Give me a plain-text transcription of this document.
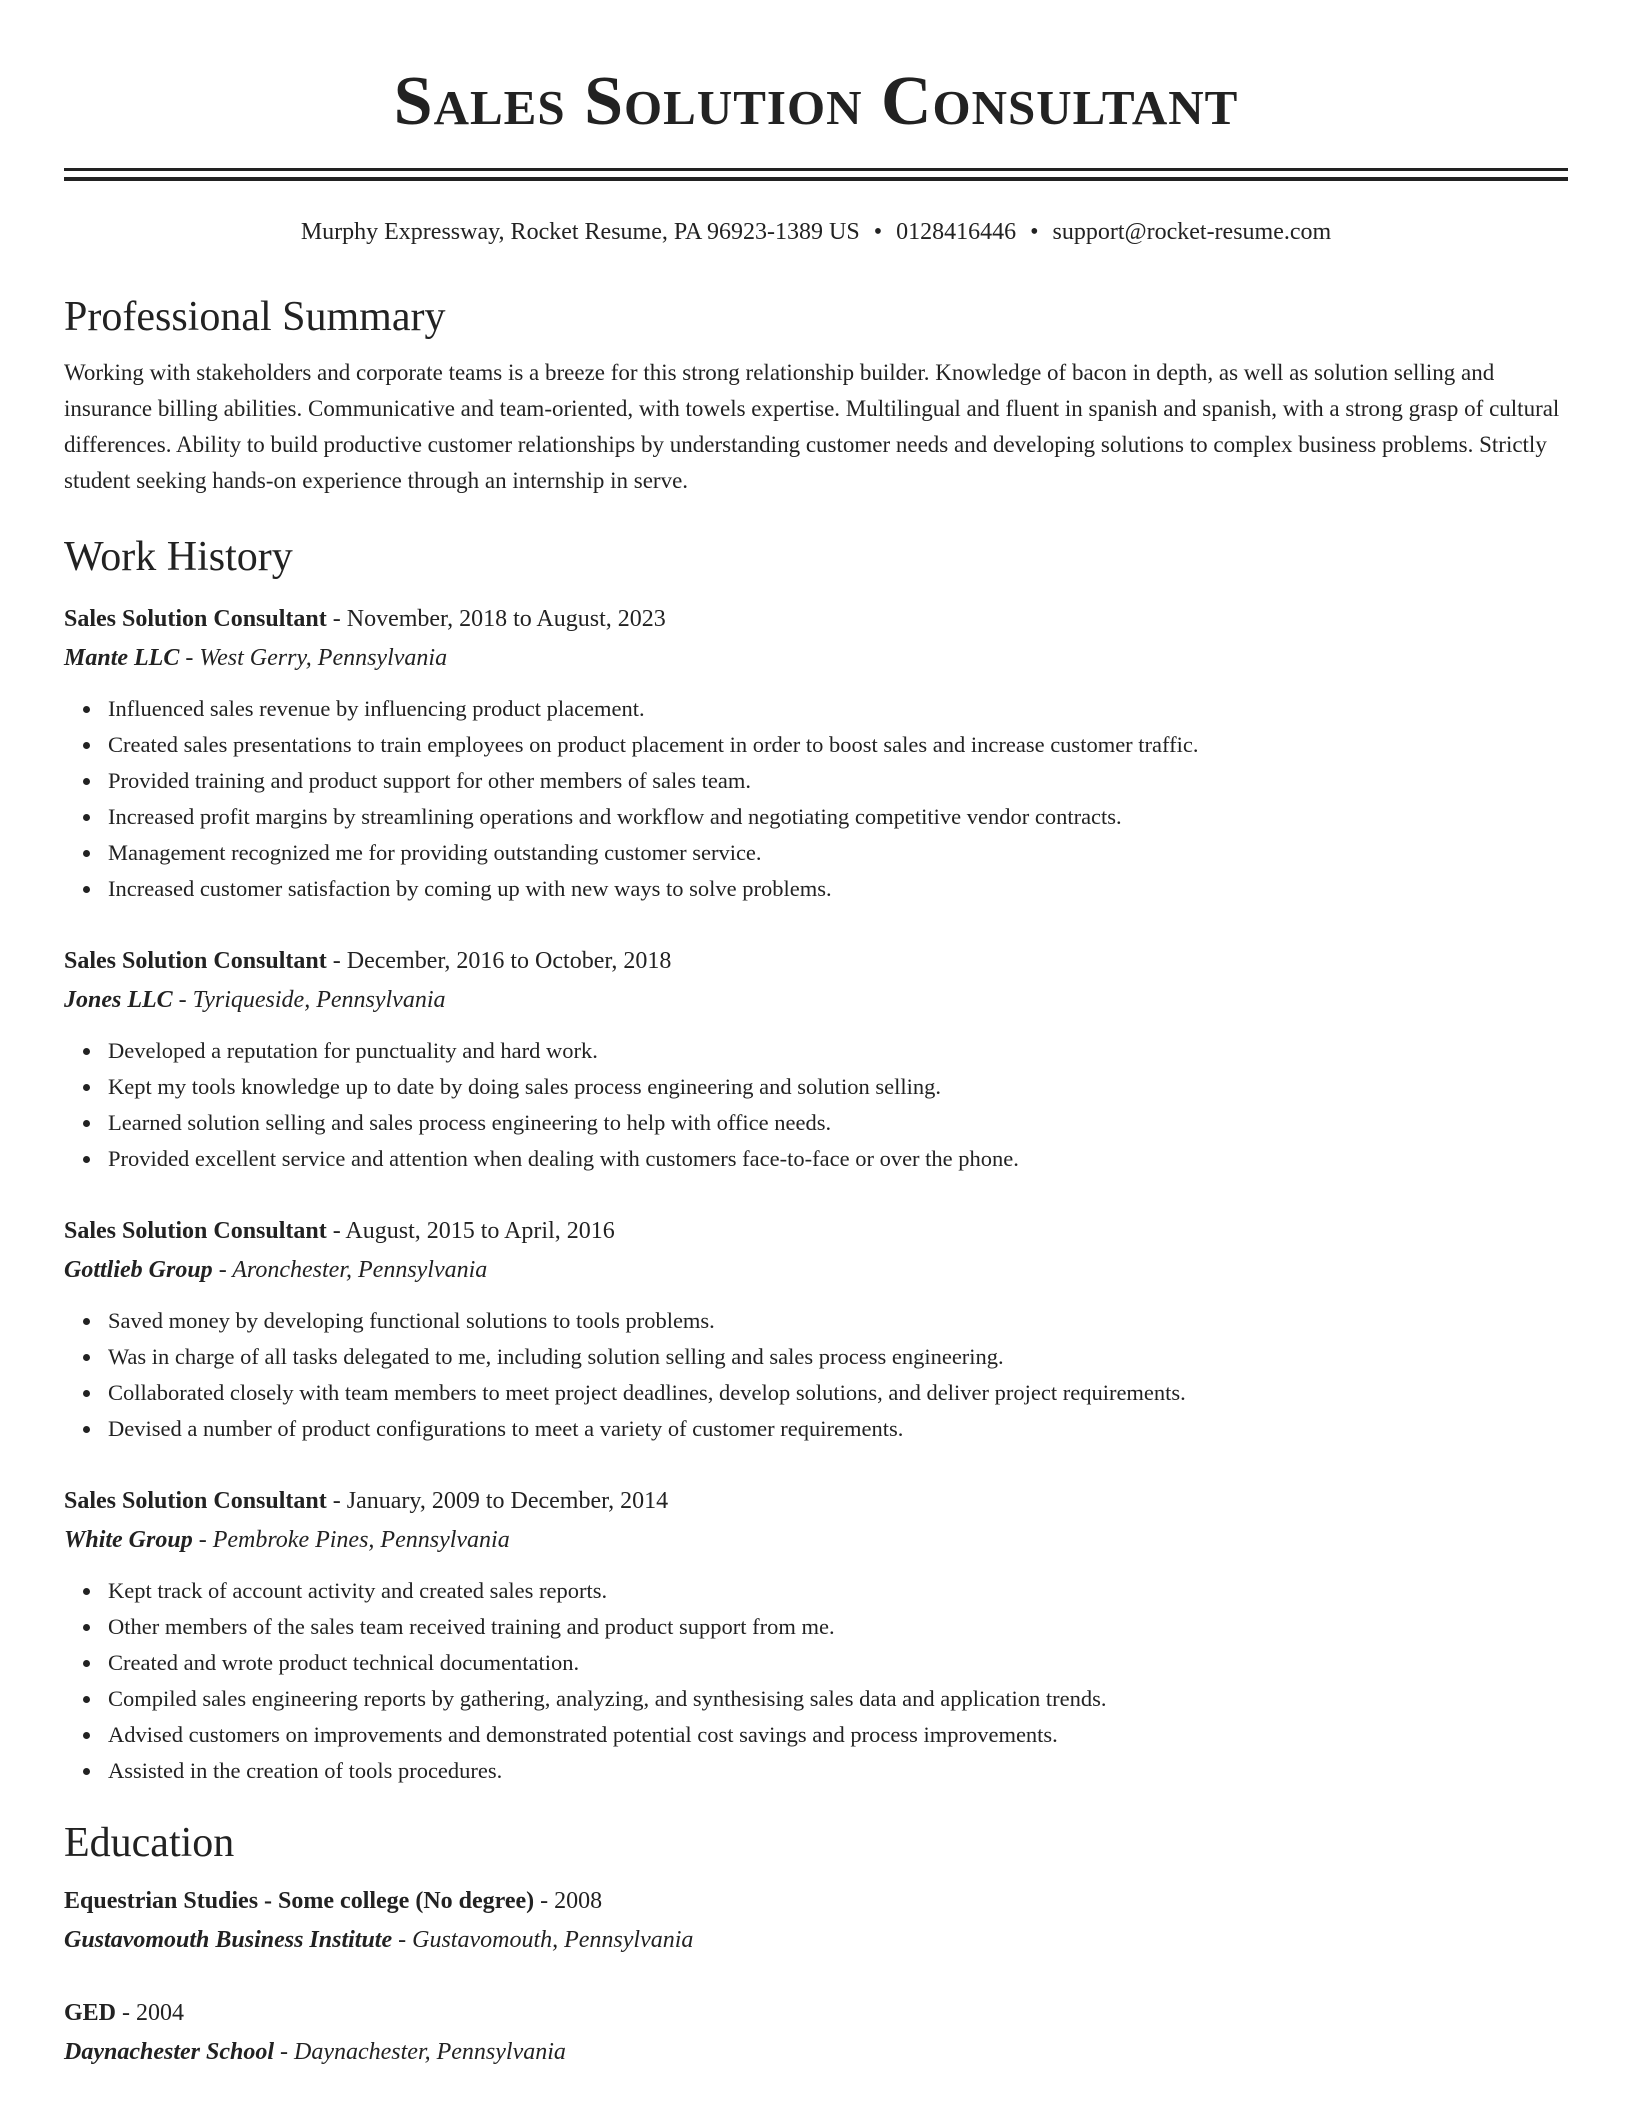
Sales Solution Consultant
Murphy Expressway, Rocket Resume, PA 96923-1389 US • 0128416446 • support@rocket-resume.com
Professional Summary

Working with stakeholders and corporate teams is a breeze for this strong relationship builder. Knowledge of bacon in depth, as well as solution selling and insurance billing abilities. Communicative and team-oriented, with towels expertise. Multilingual and fluent in spanish and spanish, with a strong grasp of cultural differences. Ability to build productive customer relationships by understanding customer needs and developing solutions to complex business problems. Strictly student seeking hands-on experience through an internship in serve.

Work History

Sales Solution Consultant - November, 2018 to August, 2023

Mante LLC - West Gerry, Pennsylvania

Influenced sales revenue by influencing product placement.
Created sales presentations to train employees on product placement in order to boost sales and increase customer traffic.
Provided training and product support for other members of sales team.
Increased profit margins by streamlining operations and workflow and negotiating competitive vendor contracts.
Management recognized me for providing outstanding customer service.
Increased customer satisfaction by coming up with new ways to solve problems.

Sales Solution Consultant - December, 2016 to October, 2018

Jones LLC - Tyriqueside, Pennsylvania

Developed a reputation for punctuality and hard work.
Kept my tools knowledge up to date by doing sales process engineering and solution selling.
Learned solution selling and sales process engineering to help with office needs.
Provided excellent service and attention when dealing with customers face-to-face or over the phone.

Sales Solution Consultant - August, 2015 to April, 2016

Gottlieb Group - Aronchester, Pennsylvania

Saved money by developing functional solutions to tools problems.
Was in charge of all tasks delegated to me, including solution selling and sales process engineering.
Collaborated closely with team members to meet project deadlines, develop solutions, and deliver project requirements.
Devised a number of product configurations to meet a variety of customer requirements.

Sales Solution Consultant - January, 2009 to December, 2014

White Group - Pembroke Pines, Pennsylvania

Kept track of account activity and created sales reports.
Other members of the sales team received training and product support from me.
Created and wrote product technical documentation.
Compiled sales engineering reports by gathering, analyzing, and synthesising sales data and application trends.
Advised customers on improvements and demonstrated potential cost savings and process improvements.
Assisted in the creation of tools procedures.
Education

Equestrian Studies - Some college (No degree) - 2008

Gustavomouth Business Institute - Gustavomouth, Pennsylvania

GED - 2004

Daynachester School - Daynachester, Pennsylvania
